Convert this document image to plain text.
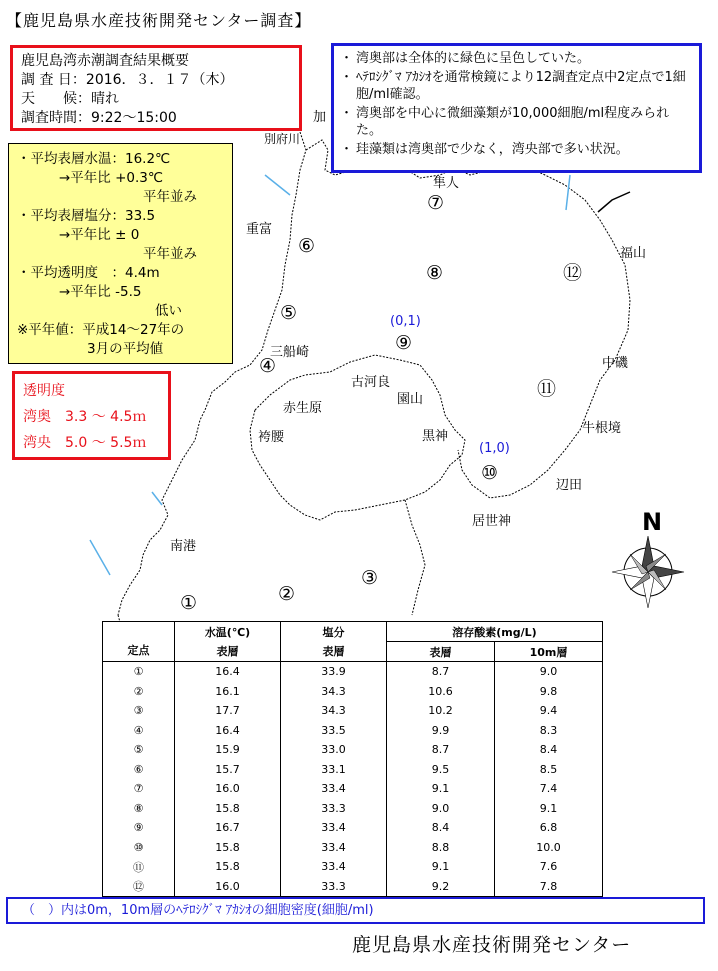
【鹿児島県水産技術開発センター調査】
鹿児島湾赤潮調査結果概要
調 査 日：2016．３．１７（木）
天　　候：晴れ
調査時間：9:22～15:00
・ 湾奥部は全体的に緑色に呈色していた。
・ ﾍﾃﾛｼｸﾞﾏ ｱｶｼｵを通常検鏡により12調査定点中2定点で1細胞/ml確認。
・ 湾奥部を中心に微細藻類が10,000細胞/ml程度みられた。
・ 珪藻類は湾奥部で少なく，湾央部で多い状況。
・平均表層水温：16.2℃
→平年比 +0.3℃
平年並み
・平均表層塩分：33.5
→平年比 ± 0
平年並み
・平均透明度　：4.4m
→平年比 -5.5
低い
※平年値：平成14～27年の
3月の平均値
透明度
湾奥　3.3 ～ 4.5ｍ
湾央　5.0 ～ 5.5ｍ
加
別府川
隼人
重富
福山
三船崎
中磯
古河良
園山
赤生原
牛根境
黒神
袴腰
辺田
居世神
南港
①	②
③
④
⑤
⑥
⑦
⑧
⑨
⑩
⑪
⑫
(0,1)
(1,0)
N
定点	水温(℃)	塩分	溶存酸素(mg/L)	
	表層	表層	表層	10m層
①	16.4	33.9	8.7	9.0
②	16.1	34.3	10.6	9.8
③	17.7	34.3	10.2	9.4
④	16.4	33.5	9.9	8.3
⑤	15.9	33.0	8.7	8.4
⑥	15.7	33.1	9.5	8.5
⑦	16.0	33.4	9.1	7.4
⑧	15.8	33.3	9.0	9.1
⑨	16.7	33.4	8.4	6.8
⑩	15.8	33.4	8.8	10.0
⑪	15.8	33.4	9.1	7.6
⑫	16.0	33.3	9.2	7.8
（　）内は0m，10m層のﾍﾃﾛｼｸﾞﾏ ｱｶｼｵの細胞密度(細胞/ml)
鹿児島県水産技術開発センター
